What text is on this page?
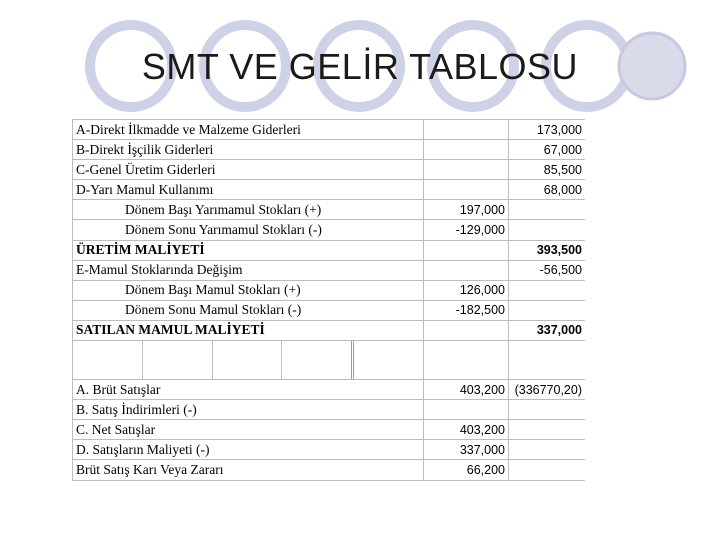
SMT VE GELİR TABLOSU
A-Direkt İlkmadde ve Malzeme Giderleri		173,000
B-Direkt İşçilik Giderleri		67,000
C-Genel Üretim Giderleri		85,500
D-Yarı Mamul Kullanımı		68,000
Dönem Başı Yarımamul Stokları (+)	197,000	
Dönem Sonu Yarımamul Stokları (-)	-129,000	
ÜRETİM MALİYETİ		393,500
E-Mamul Stoklarında Değişim		-56,500
Dönem Başı Mamul Stokları (+)	126,000	
Dönem Sonu Mamul Stokları (-)	-182,500	
SATILAN MAMUL MALİYETİ		337,000

A. Brüt Satışlar	403,200	(336770,20)
B. Satış İndirimleri (-)		
C. Net Satışlar	403,200	
D. Satışların Maliyeti (-)	337,000	
Brüt Satış Karı Veya Zararı	66,200	
